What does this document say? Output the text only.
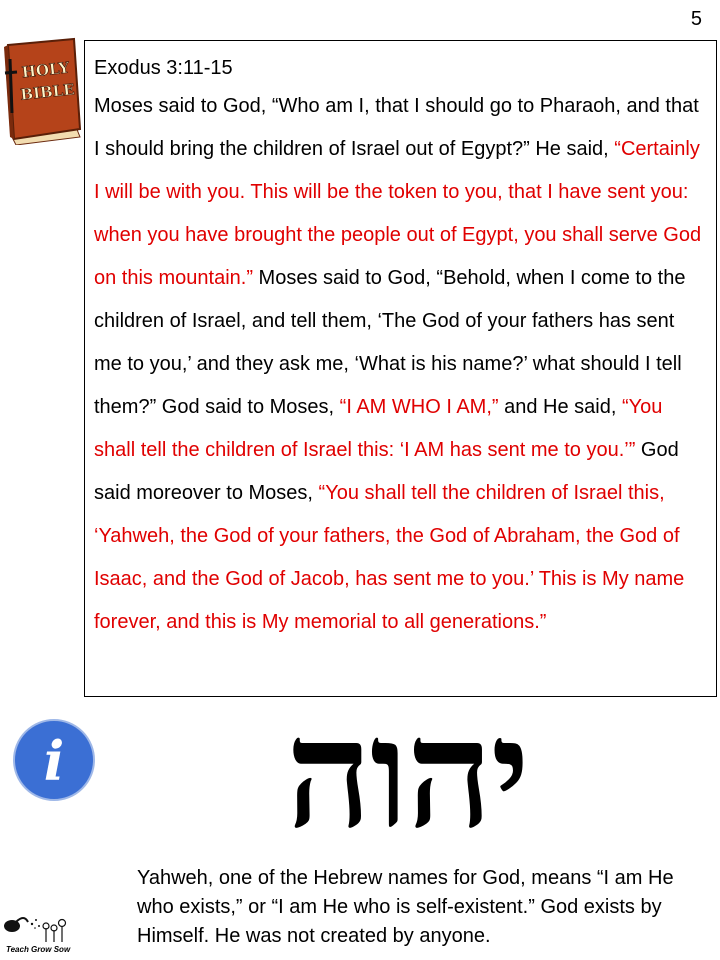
5
HOLY
BIBLE
Exodus 3:11-15

Moses said to God, “Who am I, that I should go to Pharaoh, and that I should bring the children of Israel out of Egypt?” He said, “Certainly I will be with you. This will be the token to you, that I have sent you: when you have brought the people out of Egypt, you shall serve God on this mountain.” Moses said to God, “Behold, when I come to the children of Israel, and tell them, ‘The God of your fathers has sent me to you,’ and they ask me, ‘What is his name?’ what should I tell them?” God said to Moses, “I AM WHO I AM,” and He said, “You shall tell the children of Israel this: ‘I AM has sent me to you.’” God said moreover to Moses, “You shall tell the children of Israel this, ‘Yahweh, the God of your fathers, the God of Abraham, the God of Isaac, and the God of Jacob, has sent me to you.’ This is My name forever, and this is My memorial to all generations.”

i יהוה
Yahweh, one of the Hebrew names for God, means “I am He who exists,” or “I am He who is self-existent.” God exists by Himself. He was not created by anyone.
Teach Grow Sow
